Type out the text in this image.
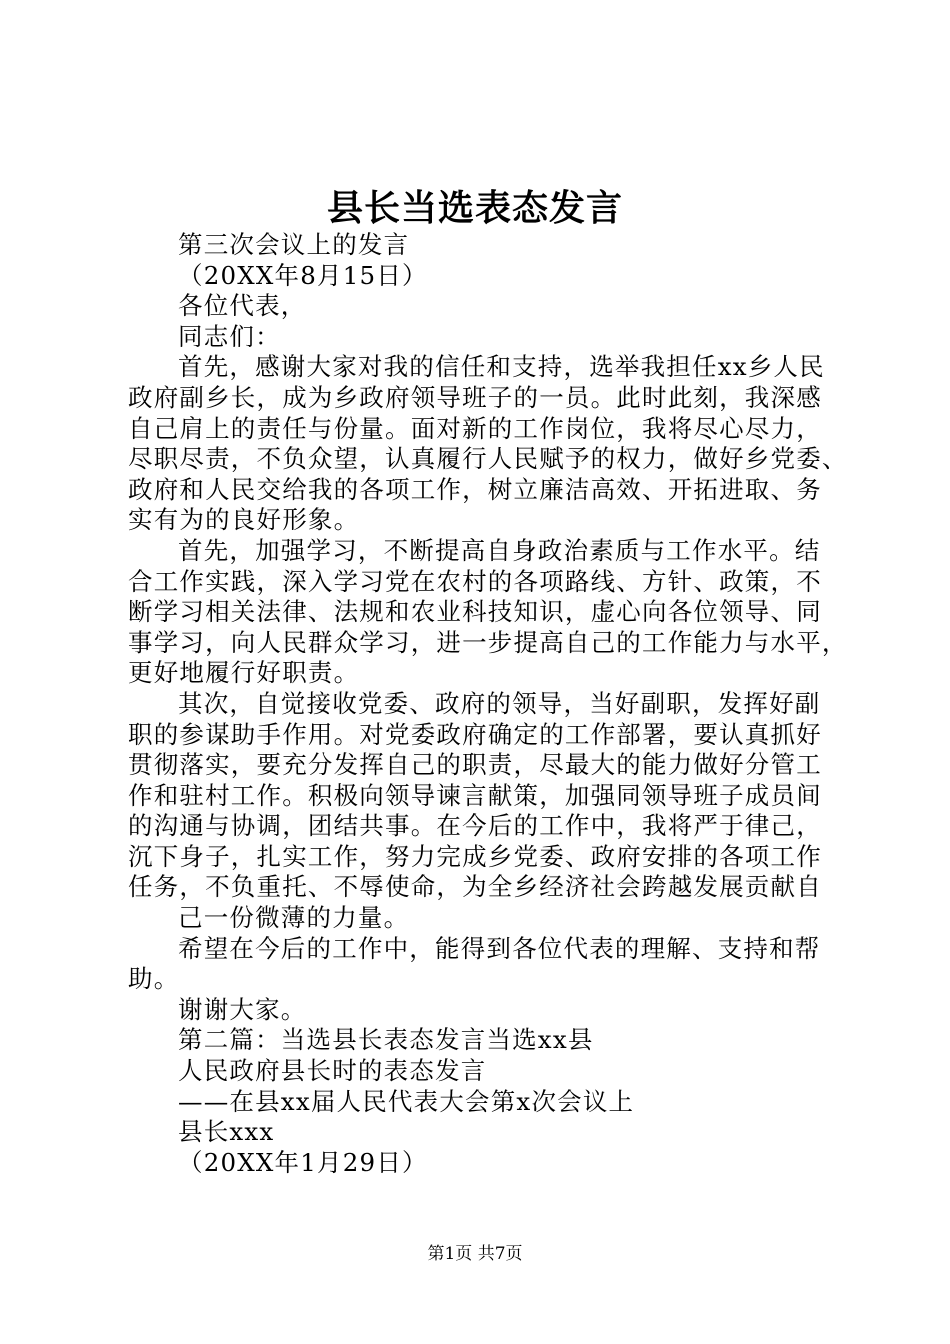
县长当选表态发言
第三次会议上的发言
（20XX年8月15日）
各位代表，
同志们：
首先，感谢大家对我的信任和支持，选举我担任xx乡人民
政府副乡长，成为乡政府领导班子的一员。此时此刻，我深感
自己肩上的责任与份量。面对新的工作岗位，我将尽心尽力，
尽职尽责，不负众望，认真履行人民赋予的权力，做好乡党委、
政府和人民交给我的各项工作，树立廉洁高效、开拓进取、务
实有为的良好形象。
首先，加强学习，不断提高自身政治素质与工作水平。结
合工作实践，深入学习党在农村的各项路线、方针、政策，不
断学习相关法律、法规和农业科技知识，虚心向各位领导、同
事学习，向人民群众学习，进一步提高自己的工作能力与水平，
更好地履行好职责。
其次，自觉接收党委、政府的领导，当好副职，发挥好副
职的参谋助手作用。对党委政府确定的工作部署，要认真抓好
贯彻落实，要充分发挥自己的职责，尽最大的能力做好分管工
作和驻村工作。积极向领导谏言献策，加强同领导班子成员间
的沟通与协调，团结共事。在今后的工作中，我将严于律己，
沉下身子，扎实工作，努力完成乡党委、政府安排的各项工作
任务，不负重托、不辱使命，为全乡经济社会跨越发展贡献自
己一份微薄的力量。
希望在今后的工作中，能得到各位代表的理解、支持和帮
助。
谢谢大家。
第二篇：当选县长表态发言当选xx县
人民政府县长时的表态发言
——在县xx届人民代表大会第x次会议上
县长xxx
（20XX年1月29日）
第1页 共7页
